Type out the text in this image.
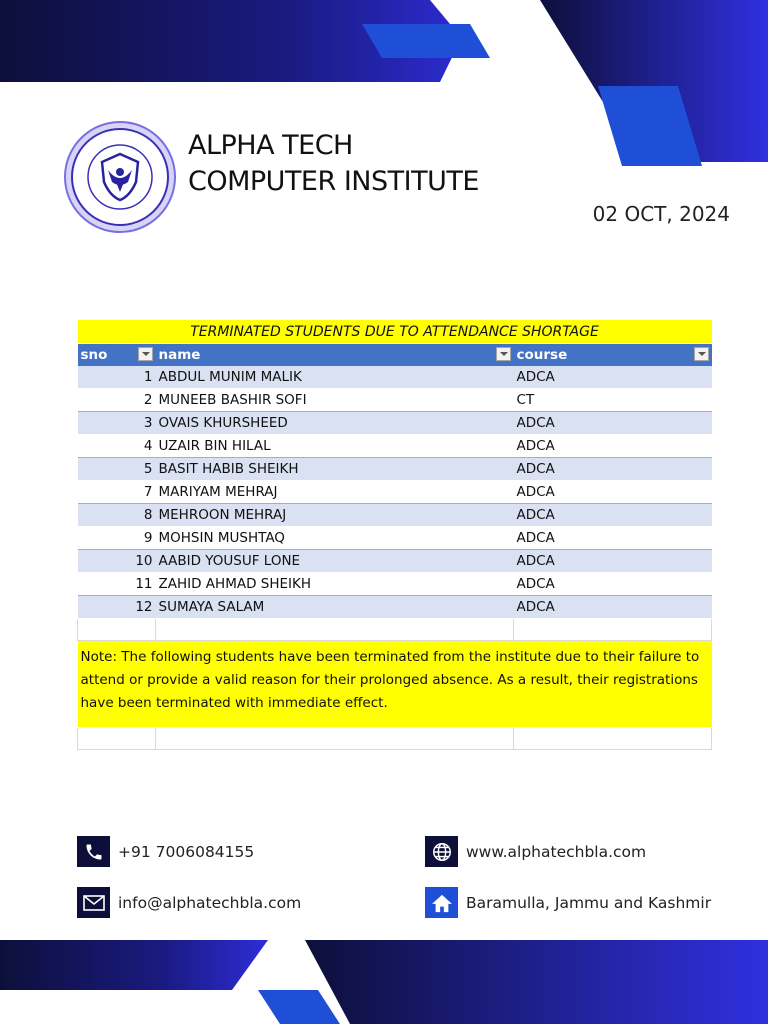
ALPHA TECH
COMPUTER INSTITUTE
02 OCT, 2024
TERMINATED STUDENTS DUE TO ATTENDANCE SHORTAGE		
sno	name	course

1	ABDUL MUNIM MALIK	ADCA
2	MUNEEB BASHIR SOFI	CT
3	OVAIS KHURSHEED	ADCA
4	UZAIR BIN HILAL	ADCA
5	BASIT HABIB SHEIKH	ADCA
7	MARIYAM MEHRAJ	ADCA
8	MEHROON MEHRAJ	ADCA
9	MOHSIN MUSHTAQ	ADCA
10	AABID YOUSUF LONE	ADCA
11	ZAHID AHMAD SHEIKH	ADCA
12	SUMAYA SALAM	ADCA

Note: The following students have been terminated from the institute due to their failure to attend or provide a valid reason for their prolonged absence. As a result, their registrations have been terminated with immediate effect.		

+91 7006084155	www.alphatechbla.com
info@alphatechbla.com	Baramulla, Jammu and Kashmir
